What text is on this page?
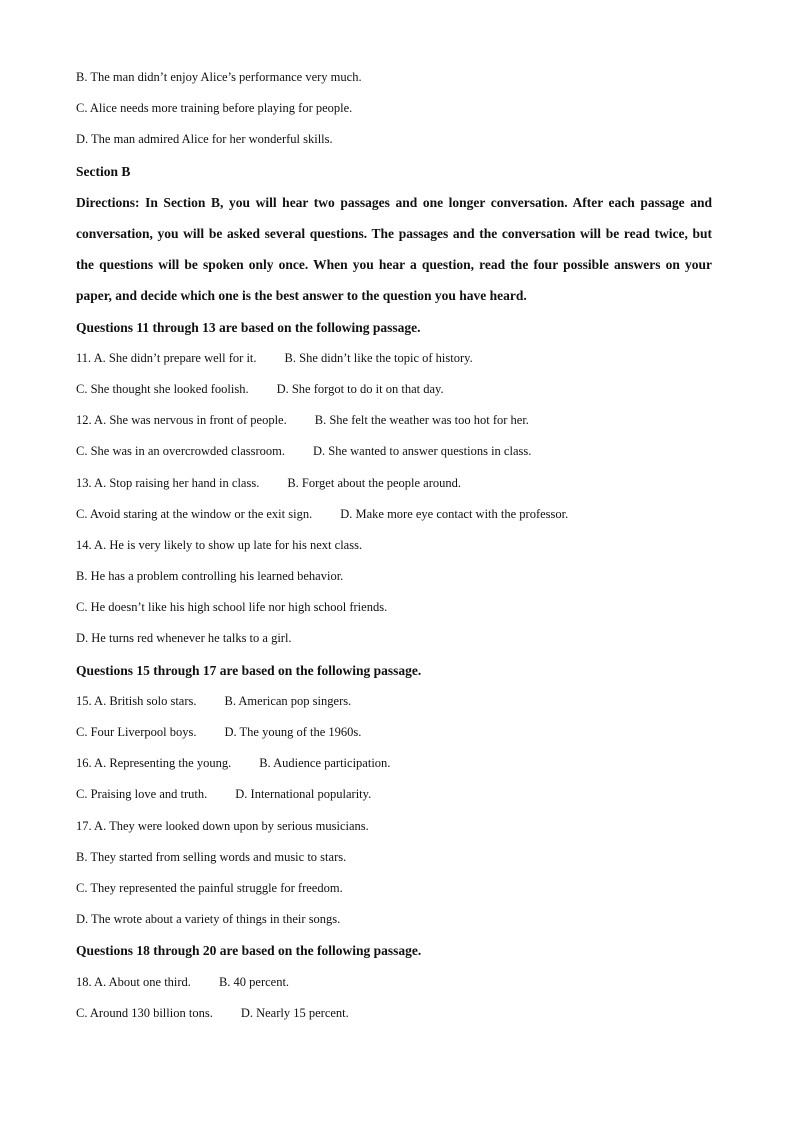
B. The man didn’t enjoy Alice’s performance very much.
C. Alice needs more training before playing for people.
D. The man admired Alice for her wonderful skills.
Section B
Directions: In Section B, you will hear two passages and one longer conversation. After each passage and conversation, you will be asked several questions. The passages and the conversation will be read twice, but the questions will be spoken only once. When you hear a question, read the four possible answers on your paper, and decide which one is the best answer to the question you have heard.
Questions 11 through 13 are based on the following passage.
11. A. She didn’t prepare well for it. B. She didn’t like the topic of history.
C. She thought she looked foolish. D. She forgot to do it on that day.
12. A. She was nervous in front of people. B. She felt the weather was too hot for her.
C. She was in an overcrowded classroom. D. She wanted to answer questions in class.
13. A. Stop raising her hand in class. B. Forget about the people around.
C. Avoid staring at the window or the exit sign. D. Make more eye contact with the professor.
14. A. He is very likely to show up late for his next class.
B. He has a problem controlling his learned behavior.
C. He doesn’t like his high school life nor high school friends.
D. He turns red whenever he talks to a girl.
Questions 15 through 17 are based on the following passage.
15. A. British solo stars. B. American pop singers.
C. Four Liverpool boys. D. The young of the 1960s.
16. A. Representing the young. B. Audience participation.
C. Praising love and truth. D. International popularity.
17. A. They were looked down upon by serious musicians.
B. They started from selling words and music to stars.
C. They represented the painful struggle for freedom.
D. The wrote about a variety of things in their songs.
Questions 18 through 20 are based on the following passage.
18. A. About one third. B. 40 percent.
C. Around 130 billion tons. D. Nearly 15 percent.
